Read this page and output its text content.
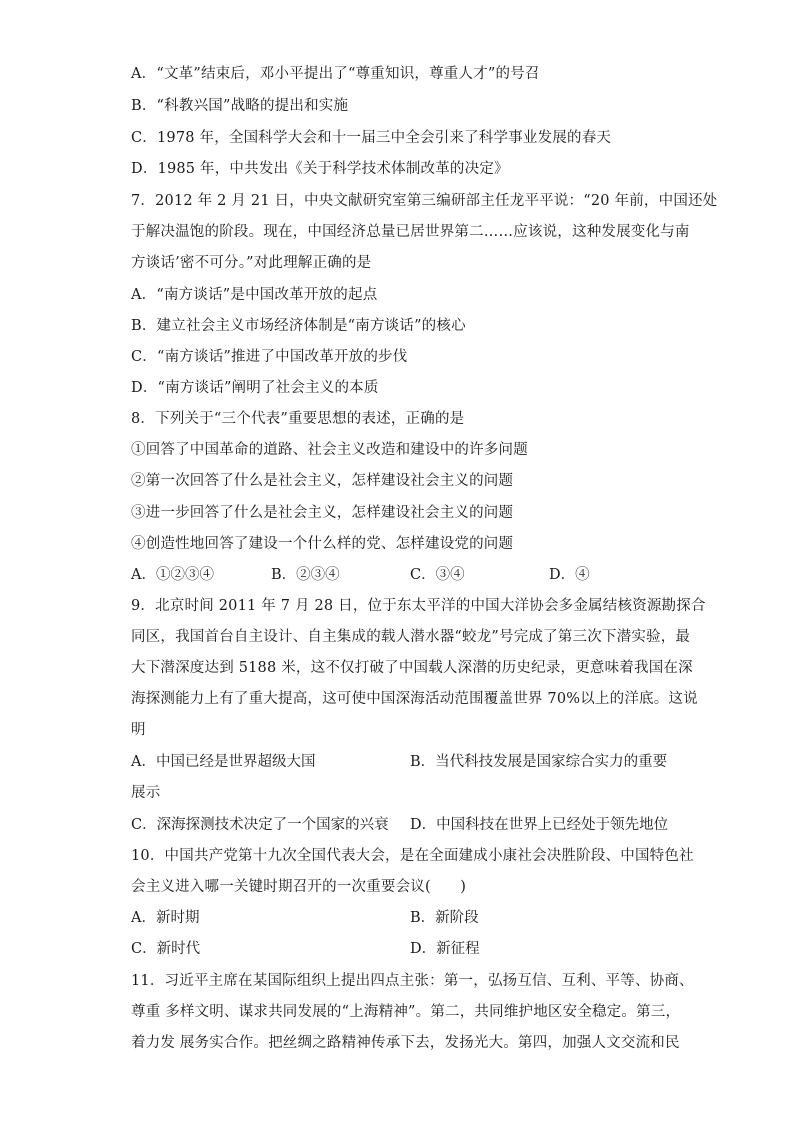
A．“文革”结束后，邓小平提出了“尊重知识，尊重人才”的号召
B．“科教兴国”战略的提出和实施
C．1978 年，全国科学大会和十一届三中全会引来了科学事业发展的春天
D．1985 年，中共发出《关于科学技术体制改革的决定》
7．2012 年 2 月 21 日，中央文献研究室第三编研部主任龙平平说：“20 年前，中国还处
于解决温饱的阶段。现在，中国经济总量已居世界第二……应该说，这种发展变化与南
方谈话’密不可分。”对此理解正确的是
A．“南方谈话”是中国改革开放的起点
B．建立社会主义市场经济体制是“南方谈话”的核心
C．“南方谈话”推进了中国改革开放的步伐
D．“南方谈话”阐明了社会主义的本质
8．下列关于“三个代表”重要思想的表述，正确的是
①回答了中国革命的道路、社会主义改造和建设中的许多问题
②第一次回答了什么是社会主义，怎样建设社会主义的问题
③进一步回答了什么是社会主义，怎样建设社会主义的问题
④创造性地回答了建设一个什么样的党、怎样建设党的问题
A．①②③④	B．②③④	C．③④	D．④
9．北京时间 2011 年 7 月 28 日，位于东太平洋的中国大洋协会多金属结核资源勘探合
同区，我国首台自主设计、自主集成的载人潜水器“蛟龙”号完成了第三次下潜实验，最
大下潜深度达到 5188 米，这不仅打破了中国载人深潜的历史纪录，更意味着我国在深
海探测能力上有了重大提高，这可使中国深海活动范围覆盖世界 70%以上的洋底。这说
明
A．中国已经是世界超级大国	B．当代科技发展是国家综合实力的重要
展示
C．深海探测技术决定了一个国家的兴衰 D．中国科技在世界上已经处于领先地位
10．中国共产党第十九次全国代表大会，是在全面建成小康社会决胜阶段、中国特色社
会主义进入哪一关键时期召开的一次重要会议(　　)
A．新时期	B．新阶段
C．新时代	D．新征程
11．习近平主席在某国际组织上提出四点主张：第一，弘扬互信、互利、平等、协商、
尊重 多样文明、谋求共同发展的“上海精神”。第二，共同维护地区安全稳定。第三，
着力发 展务实合作。把丝绸之路精神传承下去，发扬光大。第四，加强人文交流和民
